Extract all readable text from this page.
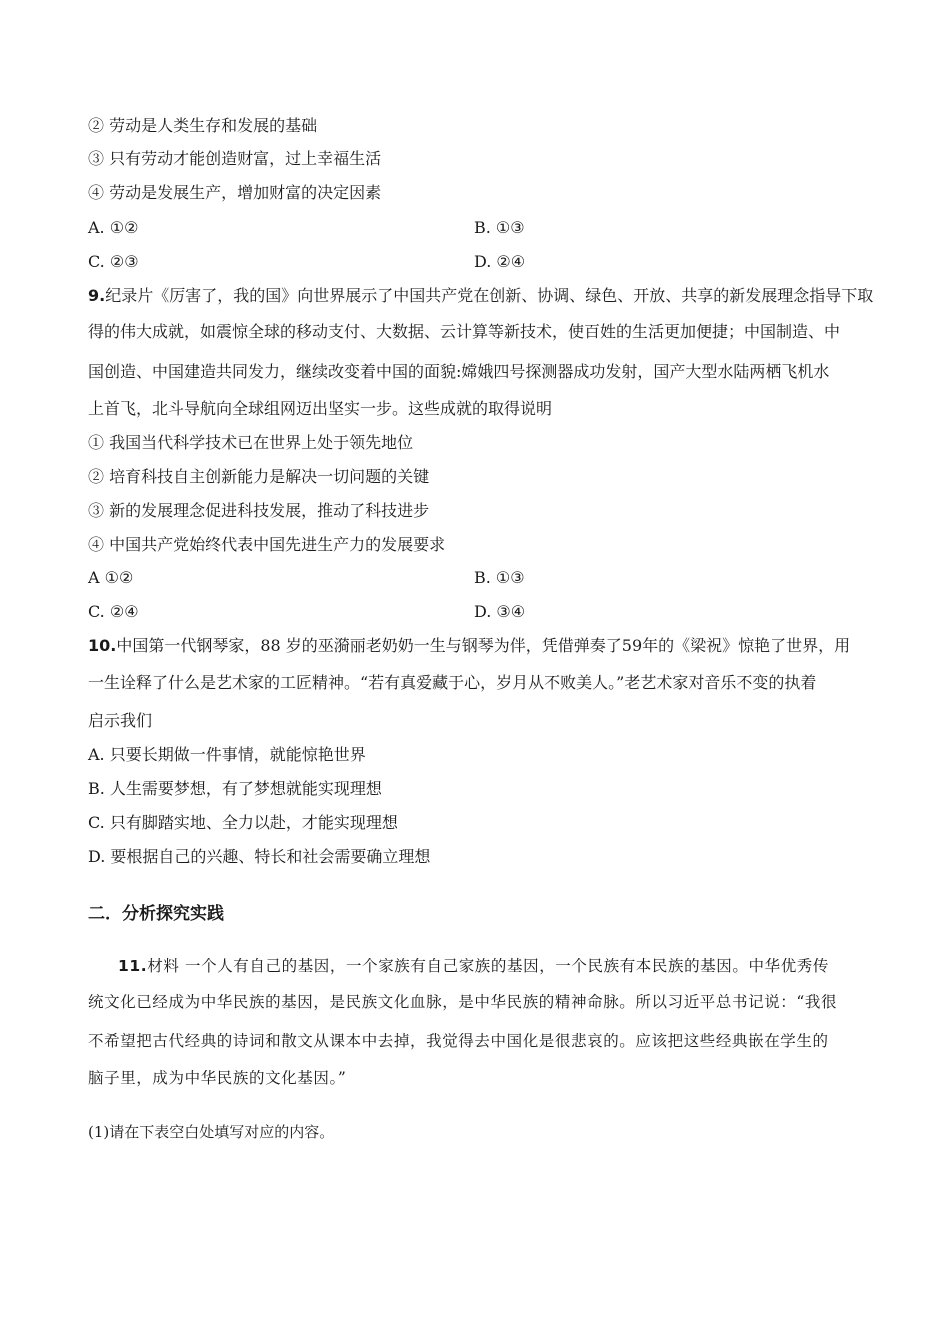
② 劳动是人类生存和发展的基础
③ 只有劳动才能创造财富，过上幸福生活
④ 劳动是发展生产，增加财富的决定因素
A. ①②	B. ①③
C. ②③	D. ②④
9.纪录片《厉害了，我的国》向世界展示了中国共产党在创新、协调、绿色、开放、共享的新发展理念指导下取
得的伟大成就，如震惊全球的移动支付、大数据、云计算等新技术，使百姓的生活更加便捷；中国制造、中
国创造、中国建造共同发力，继续改变着中国的面貌:嫦娥四号探测器成功发射，国产大型水陆两栖飞机水
上首飞，北斗导航向全球组网迈出坚实一步。这些成就的取得说明
① 我国当代科学技术已在世界上处于领先地位
② 培育科技自主创新能力是解决一切问题的关键
③ 新的发展理念促进科技发展，推动了科技进步
④ 中国共产党始终代表中国先进生产力的发展要求
A ①②	B. ①③
C. ②④	D. ③④
10.中国第一代钢琴家，88 岁的巫漪丽老奶奶一生与钢琴为伴，凭借弹奏了59年的《梁祝》惊艳了世界，用
一生诠释了什么是艺术家的工匠精神。“若有真爱藏于心，岁月从不败美人。”老艺术家对音乐不变的执着
启示我们
A. 只要长期做一件事情，就能惊艳世界
B. 人生需要梦想，有了梦想就能实现理想
C. 只有脚踏实地、全力以赴，才能实现理想
D. 要根据自己的兴趣、特长和社会需要确立理想
二．分析探究实践
11.材料 一个人有自己的基因，一个家族有自己家族的基因，一个民族有本民族的基因。中华优秀传
统文化已经成为中华民族的基因，是民族文化血脉，是中华民族的精神命脉。所以习近平总书记说：“我很
不希望把古代经典的诗词和散文从课本中去掉，我觉得去中国化是很悲哀的。应该把这些经典嵌在学生的
脑子里，成为中华民族的文化基因。”
(1)请在下表空白处填写对应的内容。
